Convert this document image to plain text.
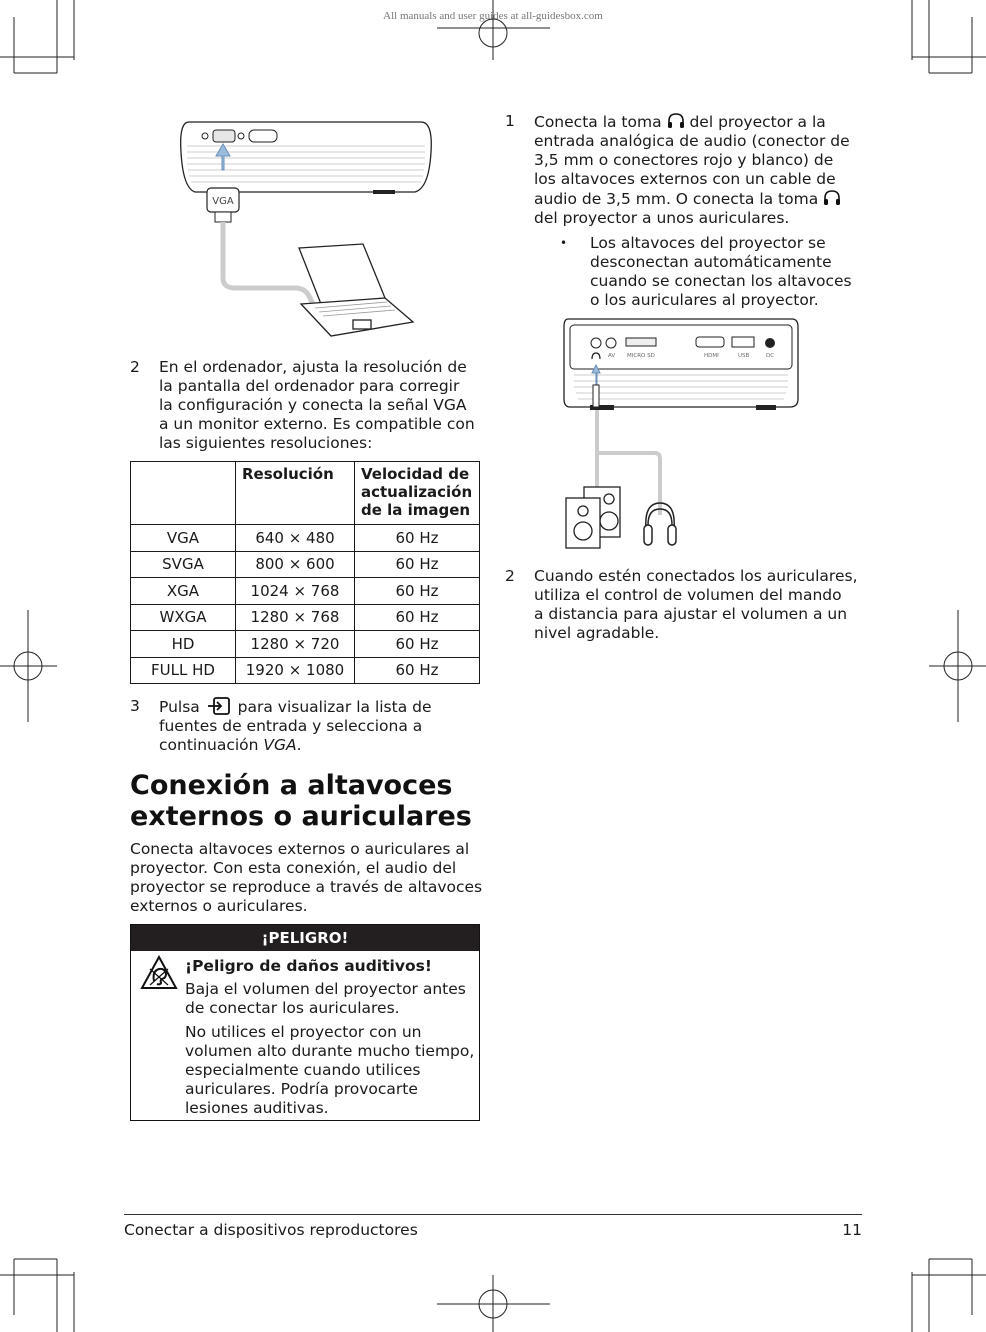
All manuals and user guides at all-guidesbox.com
VGA
2	En el ordenador, ajusta la resolución de
la pantalla del ordenador para corregir
la configuración y conecta la señal VGA
a un monitor externo. Es compatible con
las siguientes resoluciones:
	Resolución	Velocidad de
actualización
de la imagen

VGA	640 × 480	60 Hz
SVGA	800 × 600	60 Hz
XGA	1024 × 768	60 Hz
WXGA	1280 × 768	60 Hz
HD	1280 × 720	60 Hz
FULL HD	1920 × 1080	60 Hz
3	Pulsa para visualizar la lista de
fuentes de entrada y selecciona a
continuación VGA.
Conexión a altavoces
externos o auriculares
Conecta altavoces externos o auriculares al
proyector. Con esta conexión, el audio del
proyector se reproduce a través de altavoces
externos o auriculares.
¡PELIGRO!
¡Peligro de daños auditivos!
Baja el volumen del proyector antes
de conectar los auriculares.
No utilices el proyector con un
volumen alto durante mucho tiempo,
especialmente cuando utilices
auriculares. Podría provocarte
lesiones auditivas.
1	Conecta la toma del proyector a la
entrada analógica de audio (conector de
3,5 mm o conectores rojo y blanco) de
los altavoces externos con un cable de
audio de 3,5 mm. O conecta la toma
del proyector a unos auriculares.
• Los altavoces del proyector se
desconectan automáticamente
cuando se conectan los altavoces
o los auriculares al proyector.
AV MICRO SD	HDMI	USB	DC
2	Cuando estén conectados los auriculares,
utiliza el control de volumen del mando
a distancia para ajustar el volumen a un
nivel agradable.
Conectar a dispositivos reproductores	11
